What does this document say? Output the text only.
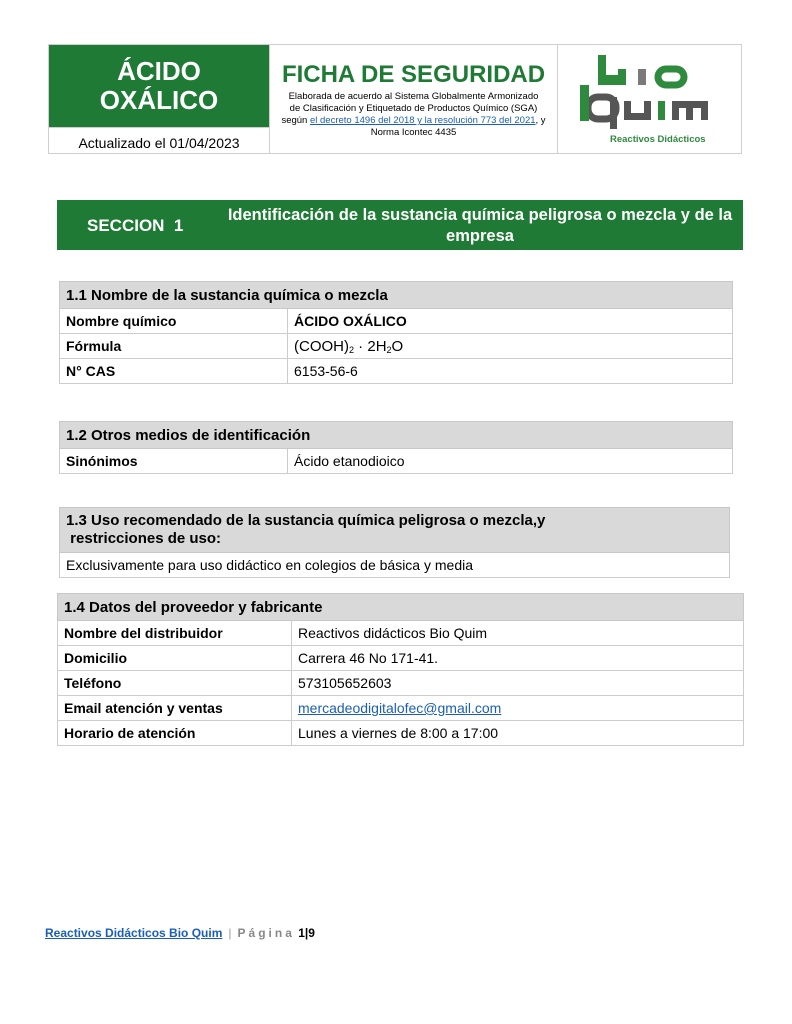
ÁCIDO
OXÁLICO
Actualizado el 01/04/2023
FICHA DE SEGURIDAD
Elaborada de acuerdo al Sistema Globalmente Armonizado
de Clasificación y Etiquetado de Productos Químico (SGA)
según el decreto 1496 del 2018 y la resolución 773 del 2021, y Norma Icontec 4435
Reactivos Didácticos
SECCION  1
Identificación de la sustancia química peligrosa o mezcla y de la empresa
1.1 Nombre de la sustancia química o mezcla	
Nombre químico	ÁCIDO OXÁLICO
Fórmula	$(COOH)_2 \cdot 2H_2O$
N° CAS	6153-56-6
1.2 Otros medios de identificación
Sinónimos	Ácido etanodioico
1.3 Uso recomendado de la sustancia química peligrosa o mezcla,y
restricciones de uso:
Exclusivamente para uso didáctico en colegios de básica y media
1.4 Datos del proveedor y fabricante	
Nombre del distribuidor	Reactivos didácticos Bio Quim
Domicilio	Carrera 46 No 171-41.
Teléfono	573105652603
Email atención y ventas	mercadeodigitalofec@gmail.com
Horario de atención	Lunes a viernes de 8:00 a 17:00
Reactivos Didácticos Bio Quim | Página 1|9
